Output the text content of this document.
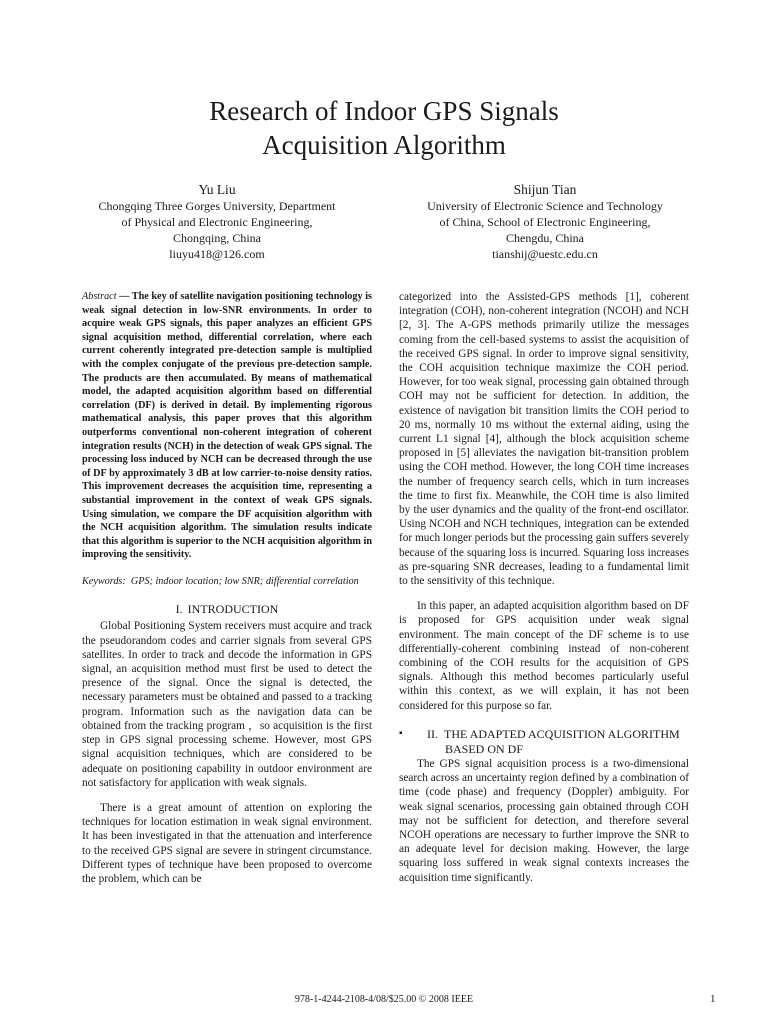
Research of Indoor GPS Signals
Acquisition Algorithm
Yu Liu
Chongqing Three Gorges University, Department
of Physical and Electronic Engineering,
Chongqing, China
liuyu418@126.com
Shijun Tian
University of Electronic Science and Technology
of China, School of Electronic Engineering,
Chengdu, China
tianshij@uestc.edu.cn

Abstract — The key of satellite navigation positioning technology is weak signal detection in low-SNR environments. In order to acquire weak GPS signals, this paper analyzes an efficient GPS signal acquisition method, differential correlation, where each current coherently integrated pre-detection sample is multiplied with the complex conjugate of the previous pre-detection sample. The products are then accumulated. By means of mathematical model, the adapted acquisition algorithm based on differential correlation (DF) is derived in detail. By implementing rigorous mathematical analysis, this paper proves that this algorithm outperforms conventional non-coherent integration of coherent integration results (NCH) in the detection of weak GPS signal. The processing loss induced by NCH can be decreased through the use of DF by approximately 3 dB at low carrier-to-noise density ratios. This improvement decreases the acquisition time, representing a substantial improvement in the context of weak GPS signals. Using simulation, we compare the DF acquisition algorithm with the NCH acquisition algorithm. The simulation results indicate that this algorithm is superior to the NCH acquisition algorithm in improving the sensitivity.

Keywords: GPS; indoor location; low SNR; differential correlation

I. INTRODUCTION

Global Positioning System receivers must acquire and track the pseudorandom codes and carrier signals from several GPS satellites. In order to track and decode the information in GPS signal, an acquisition method must first be used to detect the presence of the signal. Once the signal is detected, the necessary parameters must be obtained and passed to a tracking program. Information such as the navigation data can be obtained from the tracking program ，so acquisition is the first step in GPS signal processing scheme. However, most GPS signal acquisition techniques, which are considered to be adequate on positioning capability in outdoor environment are not satisfactory for application with weak signals.

There is a great amount of attention on exploring the techniques for location estimation in weak signal environment. It has been investigated in that the attenuation and interference to the received GPS signal are severe in stringent circumstance. Different types of technique have been proposed to overcome the problem, which can be

categorized into the Assisted-GPS methods [1], coherent integration (COH), non-coherent integration (NCOH) and NCH [2, 3]. The A-GPS methods primarily utilize the messages coming from the cell-based systems to assist the acquisition of the received GPS signal. In order to improve signal sensitivity, the COH acquisition technique maximize the COH period. However, for too weak signal, processing gain obtained through COH may not be sufficient for detection. In addition, the existence of navigation bit transition limits the COH period to 20 ms, normally 10 ms without the external aiding, using the current L1 signal [4], although the block acquisition scheme proposed in [5] alleviates the navigation bit-transition problem using the COH method. However, the long COH time increases the number of frequency search cells, which in turn increases the time to first fix. Meanwhile, the COH time is also limited by the user dynamics and the quality of the front-end oscillator. Using NCOH and NCH techniques, integration can be extended for much longer periods but the processing gain suffers severely because of the squaring loss is incurred. Squaring loss increases as pre-squaring SNR decreases, leading to a fundamental limit to the sensitivity of this technique.

In this paper, an adapted acquisition algorithm based on DF is proposed for GPS acquisition under weak signal environment. The main concept of the DF scheme is to use differentially-coherent combining instead of non-coherent combining of the COH results for the acquisition of GPS signals. Although this method becomes particularly useful within this context, as we will explain, it has not been considered for this purpose so far.

▪ II. THE ADAPTED ACQUISITION ALGORITHM
BASED ON DF

The GPS signal acquisition process is a two-dimensional search across an uncertainty region defined by a combination of time (code phase) and frequency (Doppler) ambiguity. For weak signal scenarios, processing gain obtained through COH may not be sufficient for detection, and therefore several NCOH operations are necessary to further improve the SNR to an adequate level for decision making. However, the large squaring loss suffered in weak signal contexts increases the acquisition time significantly.

978-1-4244-2108-4/08/$25.00 © 2008 IEEE	1
